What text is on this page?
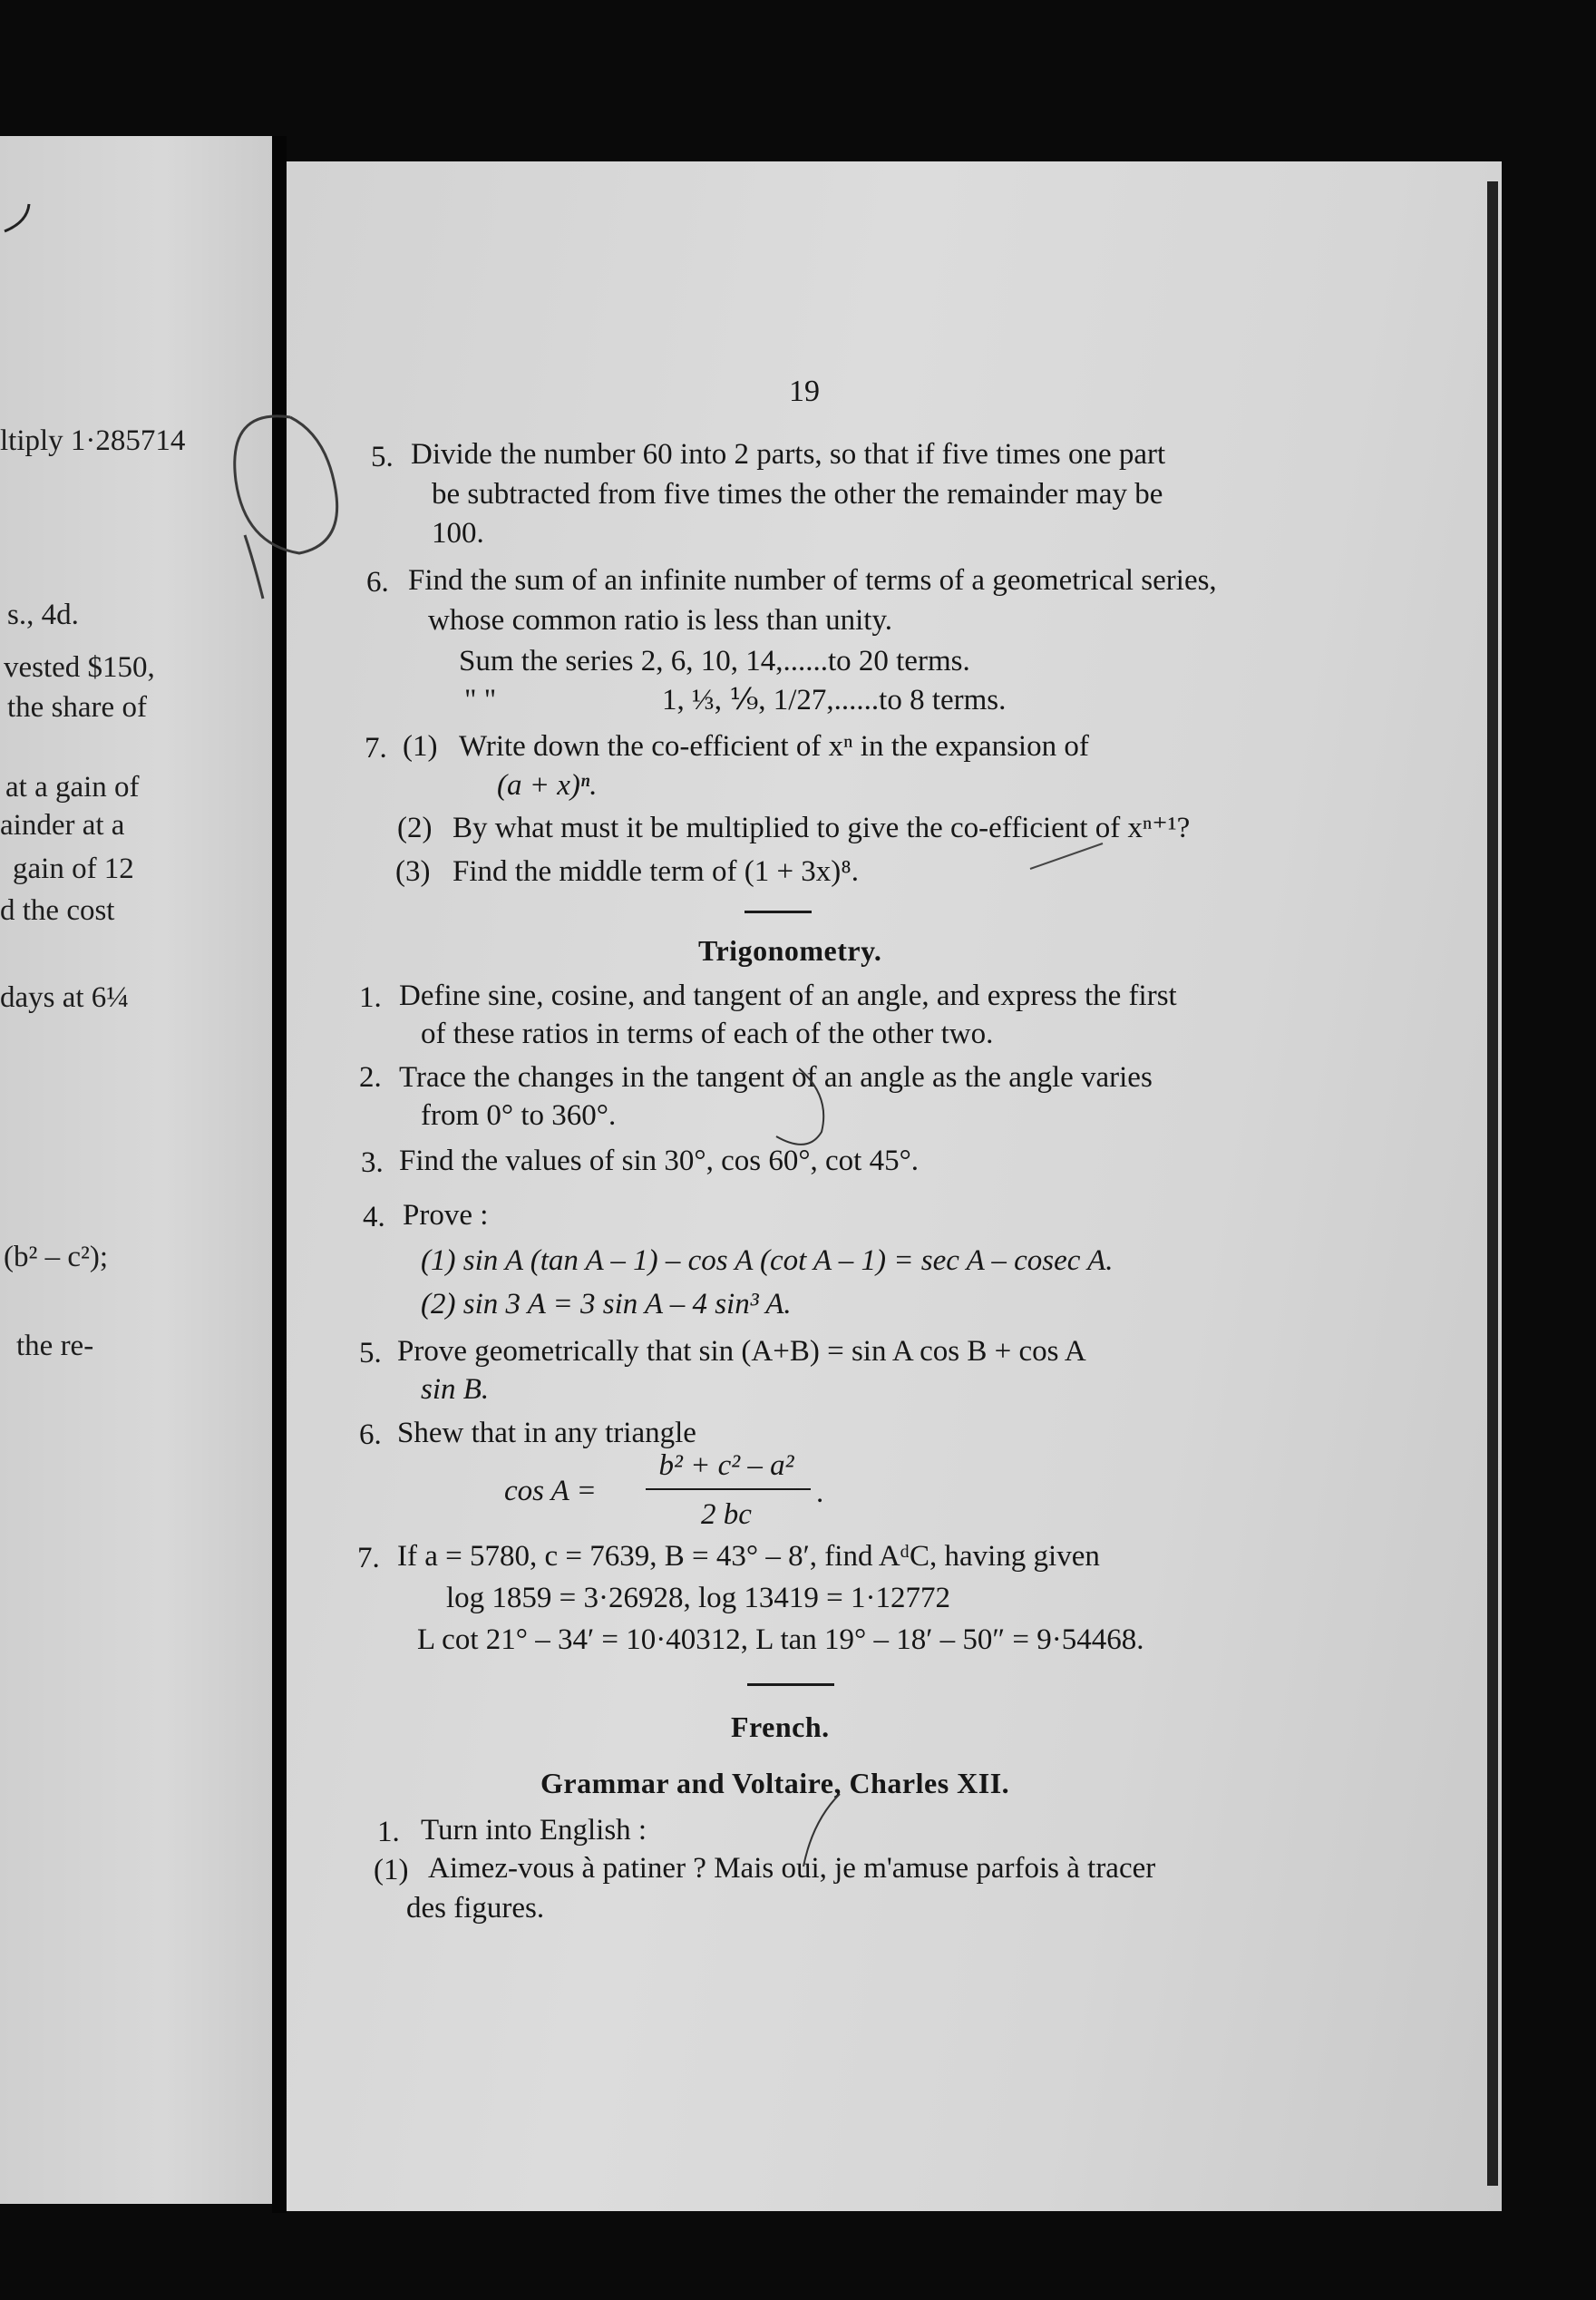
ltiply 1·285714
s., 4d.
vested $150,
the share of
at a gain of
ainder at a
gain of 12
d the cost
days at 6¼
(b² – c²);
the re-
19
5. Divide the number 60 into 2 parts, so that if five times one part
be subtracted from five times the other the remainder may be
100.
6. Find the sum of an infinite number of terms of a geometrical series,
whose common ratio is less than unity.
Sum the series 2, 6, 10, 14,......to 20 terms.
" "	1, ⅓, ⅑, 1/27,......to 8 terms.
7. (1) Write down the co-efficient of xⁿ in the expansion of
(a + x)ⁿ.
(2) By what must it be multiplied to give the co-efficient of xⁿ⁺¹?
(3) Find the middle term of (1 + 3x)⁸.
Trigonometry.
1. Define sine, cosine, and tangent of an angle, and express the first
of these ratios in terms of each of the other two.
2. Trace the changes in the tangent of an angle as the angle varies
from 0° to 360°.
3. Find the values of sin 30°, cos 60°, cot 45°.
4. Prove :
(1) sin A (tan A – 1) – cos A (cot A – 1) = sec A – cosec A.
(2) sin 3 A = 3 sin A – 4 sin³ A.
5. Prove geometrically that sin (A+B) = sin A cos B + cos A
sin B.
6. Shew that in any triangle
cos A =
b² + c² – a²
2 bc
.
7. If a = 5780, c = 7639, B = 43° – 8′, find AᵈC, having given
log 1859 = 3·26928, log 13419 = 1·12772
L cot 21° – 34′ = 10·40312, L tan 19° – 18′ – 50″ = 9·54468.
French.
Grammar and Voltaire, Charles XII.
1. Turn into English :
(1) Aimez-vous à patiner ? Mais oui, je m'amuse parfois à tracer
des figures.
